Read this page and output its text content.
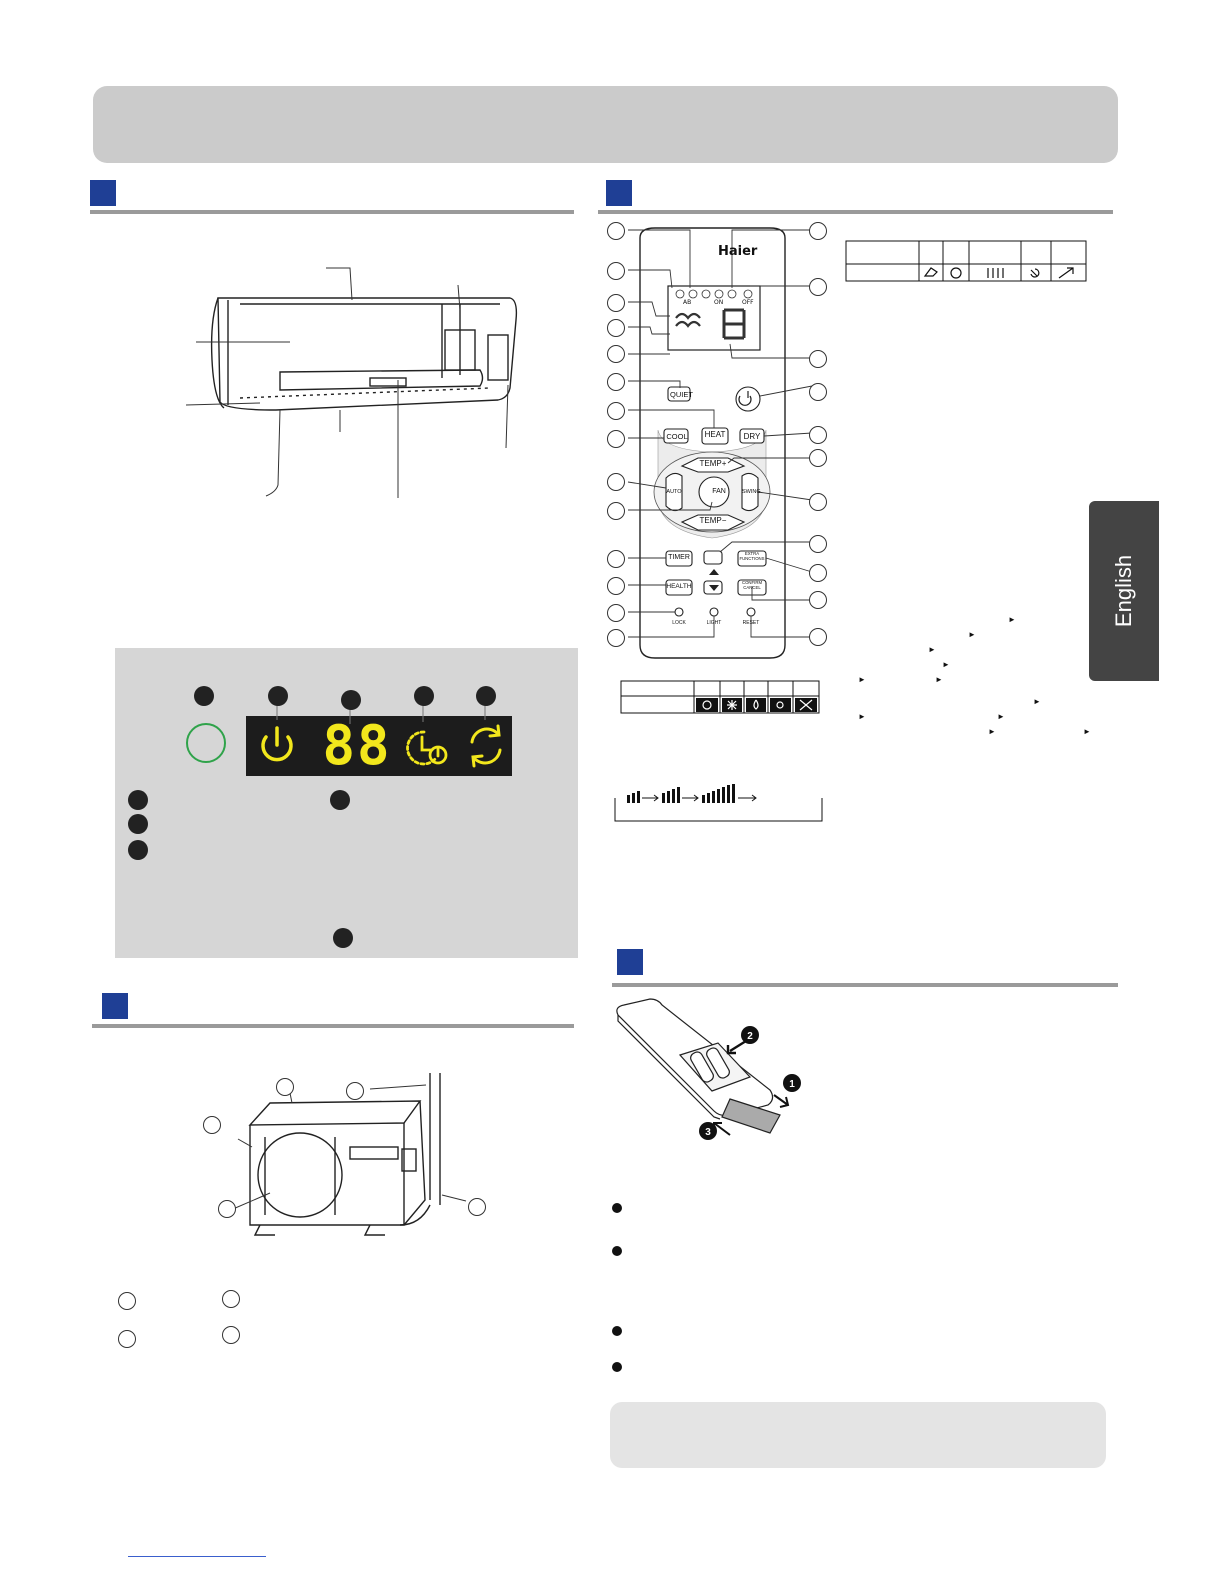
88
Haier
AB	ON	OFF
QUIET
COOL	HEAT	DRY
TEMP+
TEMP−
AUTO	FAN	SWING
TIMER
HEALTH
EXTRA FUNCTIONS
CONFIRM CANCEL
LOCK	LIGHT	RESET	►
►
►
►
►	►
►
►	►
►	►
English
2
1
3
